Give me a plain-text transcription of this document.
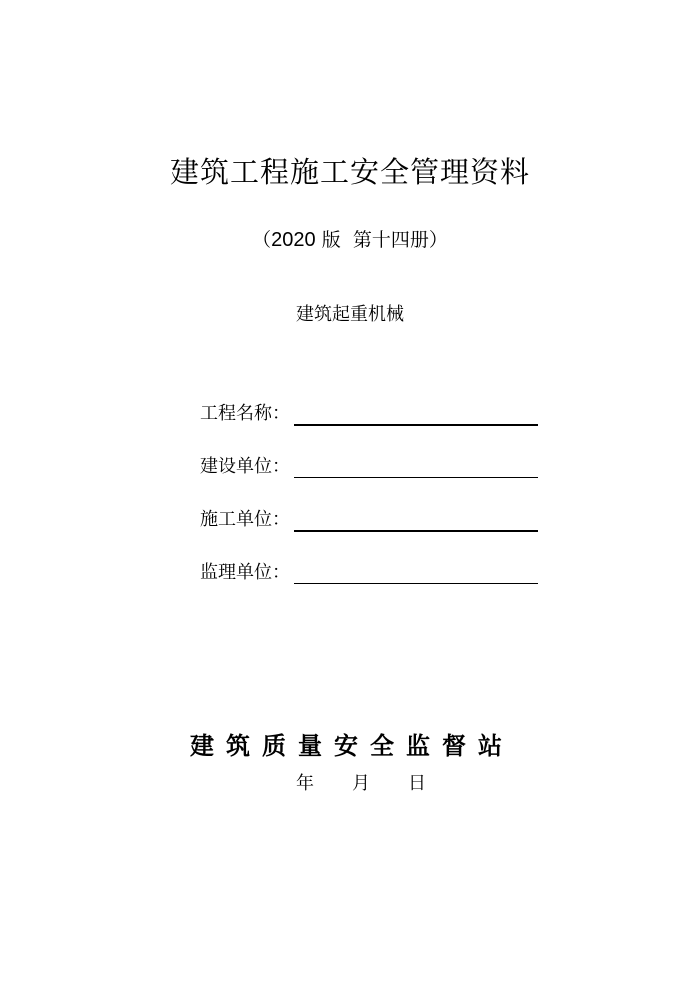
建筑工程施工安全管理资料
（2020 版 第十四册）
建筑起重机械
工程名称：
建设单位：
施工单位：
监理单位：
建筑质量安全监督站
年 月 日
